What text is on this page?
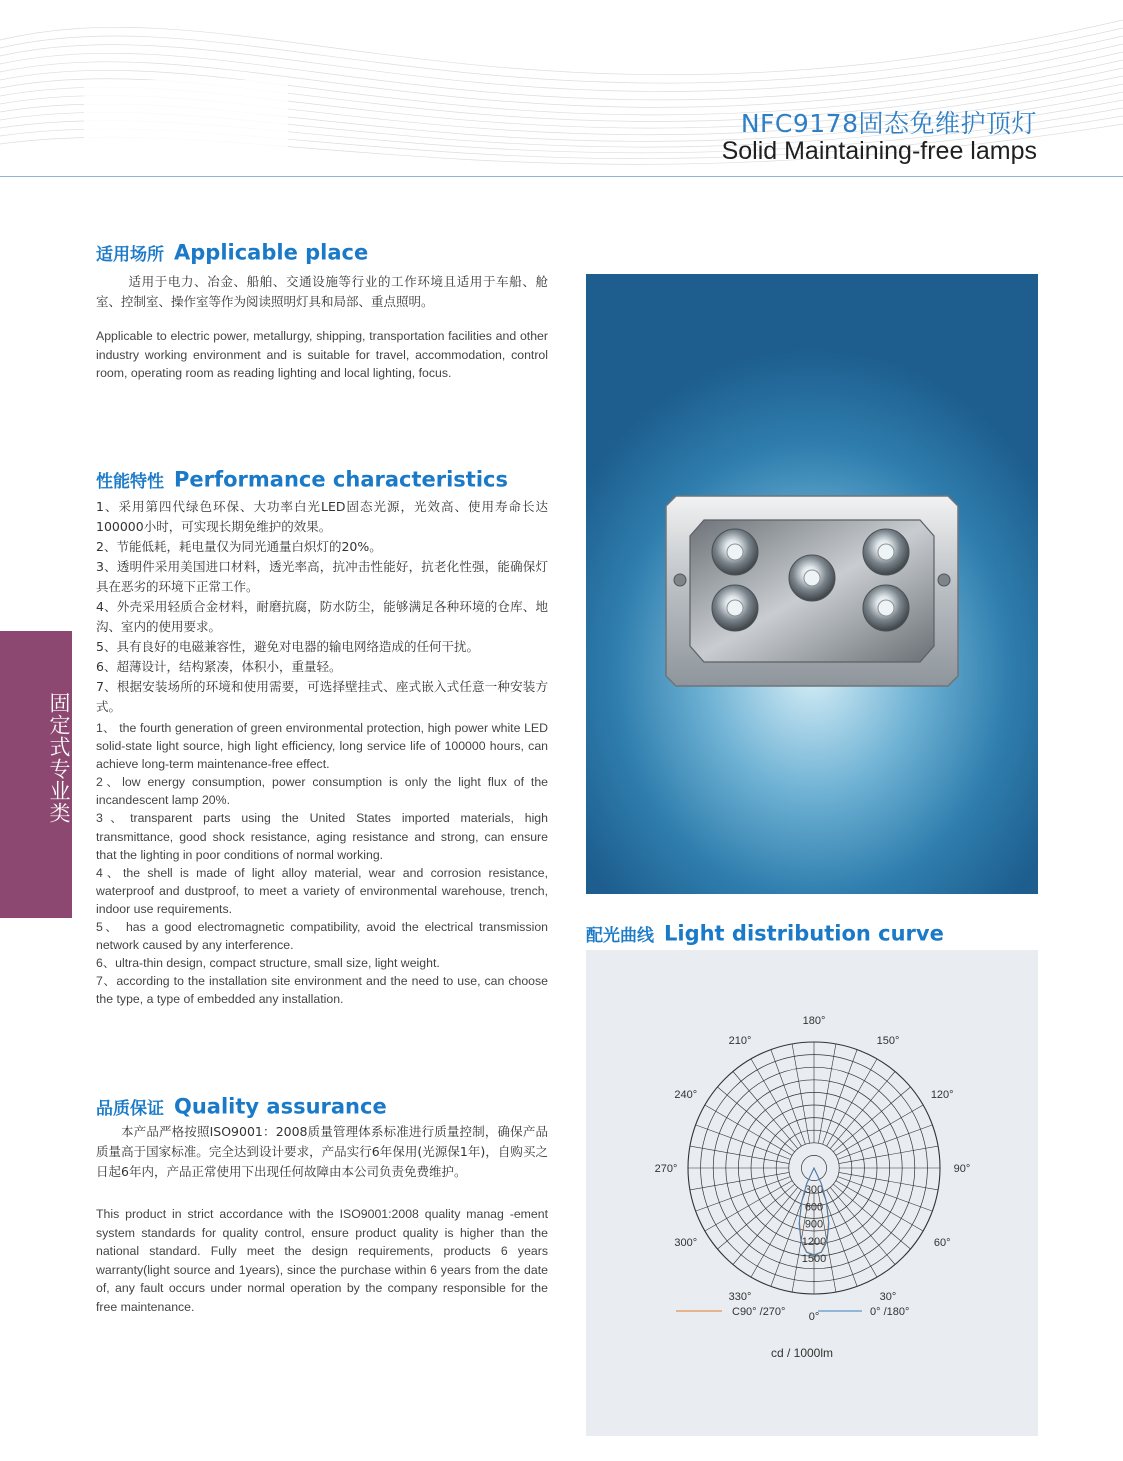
NFC9178固态免维护顶灯
Solid Maintaining-free lamps
固定式专业类
适用场所 Applicable place

适用于电力、冶金、船舶、交通设施等行业的工作环境且适用于车船、舱室、控制室、操作室等作为阅读照明灯具和局部、重点照明。

Applicable to electric power, metallurgy, shipping, transportation facilities and other industry working environment and is suitable for travel, accommodation, control room, operating room as reading lighting and local lighting, focus.

性能特性 Performance characteristics
1、采用第四代绿色环保、大功率白光LED固态光源，光效高、使用寿命长达100000小时，可实现长期免维护的效果。
2、节能低耗，耗电量仅为同光通量白炽灯的20%。
3、透明件采用美国进口材料，透光率高，抗冲击性能好，抗老化性强，能确保灯具在恶劣的环境下正常工作。
4、外壳采用轻质合金材料，耐磨抗腐，防水防尘，能够满足各种环境的仓库、地沟、室内的使用要求。
5、具有良好的电磁兼容性，避免对电器的输电网络造成的任何干扰。
6、超薄设计，结构紧凑，体积小，重量轻。
7、根据安装场所的环境和使用需要，可选择壁挂式、座式嵌入式任意一种安装方式。
1、 the fourth generation of green environmental protection, high power white LED solid-state light source, high light efficiency, long service life of 100000 hours, can achieve long-term maintenance-free effect.
2、low energy consumption, power consumption is only the light flux of the incandescent lamp 20%.
3、transparent parts using the United States imported materials, high transmittance, good shock resistance, aging resistance and strong, can ensure that the lighting in poor conditions of normal working.
4、the shell is made of light alloy material, wear and corrosion resistance, waterproof and dustproof, to meet a variety of environmental warehouse, trench, indoor use requirements.
5、 has a good electromagnetic compatibility, avoid the electrical transmission network caused by any interference.
6、ultra-thin design, compact structure, small size, light weight.
7、according to the installation site environment and the need to use, can choose the type, a type of embedded any installation.
品质保证 Quality assurance

本产品严格按照ISO9001：2008质量管理体系标准进行质量控制，确保产品质量高于国家标准。完全达到设计要求，产品实行6年保用(光源保1年)，自购买之日起6年内，产品正常使用下出现任何故障由本公司负责免费维护。

This product in strict accordance with the ISO9001:2008 quality manag -ement system standards for quality control, ensure product quality is higher than the national standard. Fully meet the design requirements, products 6 years warranty(light source and 1years), since the purchase within 6 years from the date of, any fault occurs under normal operation by the company responsible for the free maintenance.

配光曲线 Light distribution curve
180°
150°
120°
90°
60°
30°
0°
330°
300°
270°
240°
210°
300
600
900
1200
1500
C90° /270°	0° /180°
cd / 1000lm
